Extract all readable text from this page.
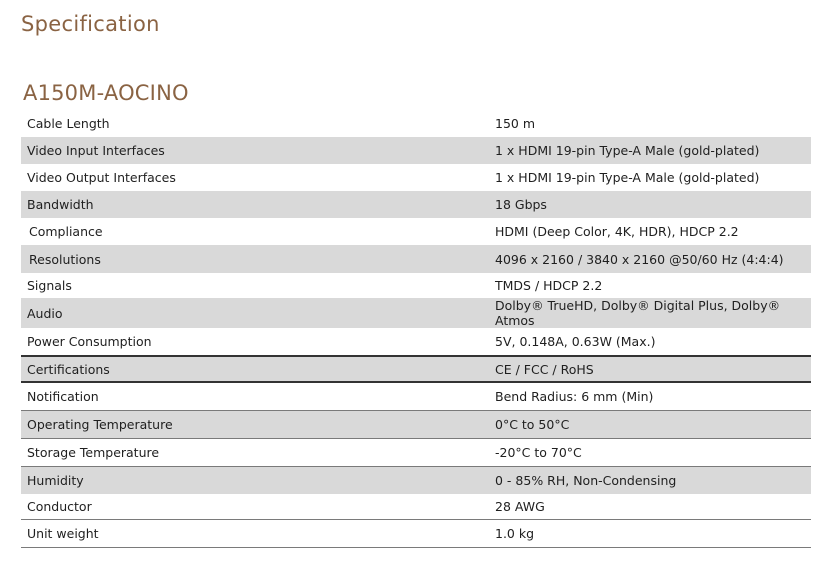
Specification
A150M-AOCINO
Cable Length	150 m
Video Input Interfaces	1 x HDMI 19-pin Type-A Male (gold-plated)
Video Output Interfaces	1 x HDMI 19-pin Type-A Male (gold-plated)
Bandwidth	18 Gbps
Compliance	HDMI (Deep Color, 4K, HDR), HDCP 2.2
Resolutions	4096 x 2160 / 3840 x 2160 @50/60 Hz (4:4:4)
Signals	TMDS / HDCP 2.2
Audio	Dolby® TrueHD, Dolby® Digital Plus, Dolby® Atmos
Power Consumption	5V, 0.148A, 0.63W (Max.)
Certifications	CE / FCC / RoHS
Notification	Bend Radius: 6 mm (Min)
Operating Temperature	0°C to 50°C
Storage Temperature	-20°C to 70°C
Humidity	0 - 85% RH, Non-Condensing
Conductor	28 AWG
Unit weight	1.0 kg
